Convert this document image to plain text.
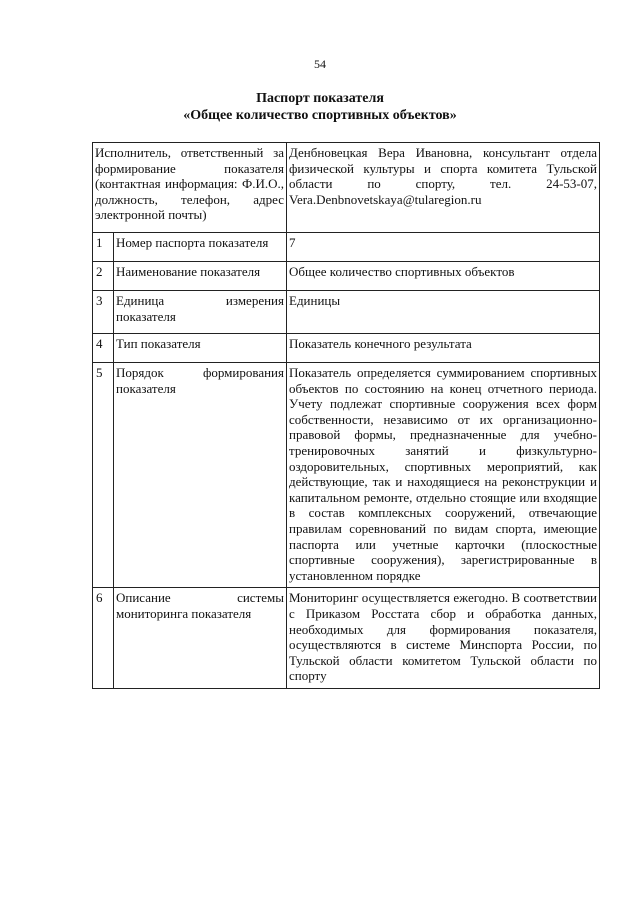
54
Паспорт показателя
«Общее количество спортивных объектов»
Исполнитель, ответственный за формирование показателя (контактная информация: Ф.И.О., должность, телефон, адрес электронной почты)		Денбновецкая Вера Ивановна, консультант отдела физической культуры и спорта комитета Тульской области по спорту, тел. 24-53-07, Vera.Denbnovetskaya@tularegion.ru
1	Номер паспорта показателя	7
2	Наименование показателя	Общее количество спортивных объектов
3	Единица измерения показателя	Единицы
4	Тип показателя	Показатель конечного результата
5	Порядок формирования показателя	Показатель определяется суммированием спортивных объектов по состоянию на конец отчетного периода. Учету подлежат спортивные сооружения всех форм собственности, независимо от их организационно-правовой формы, предназначенные для учебно-тренировочных занятий и физкультурно-оздоровительных, спортивных мероприятий, как действующие, так и находящиеся на реконструкции и капитальном ремонте, отдельно стоящие или входящие в состав комплексных сооружений, отвечающие правилам соревнований по видам спорта, имеющие паспорта или учетные карточки (плоскостные спортивные сооружения), зарегистрированные в установленном порядке
6	Описание системы мониторинга показателя	Мониторинг осуществляется ежегодно. В соответствии с Приказом Росстата сбор и обработка данных, необходимых для формирования показателя, осуществляются в системе Минспорта России, по Тульской области комитетом Тульской области по спорту
